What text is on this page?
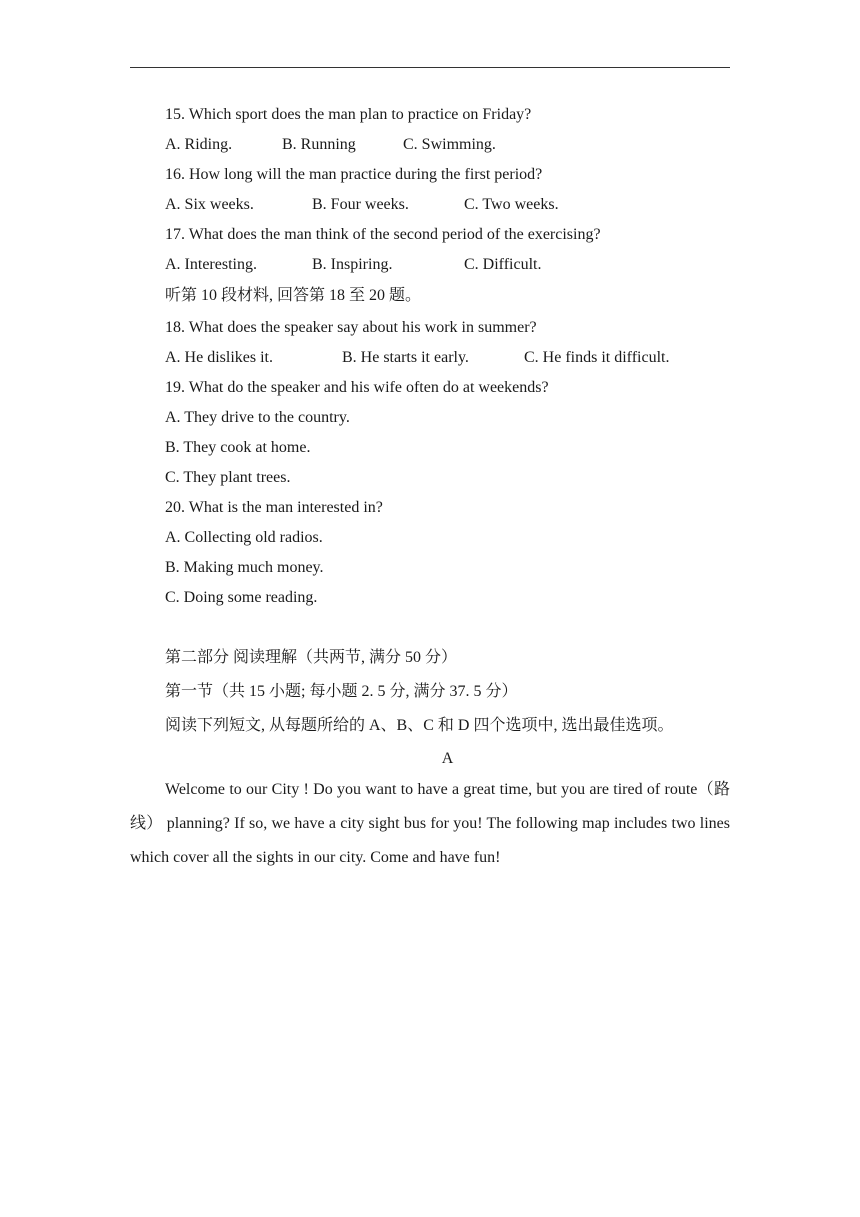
15. Which sport does the man plan to practice on Friday?
A. Riding.	B. Running	C. Swimming.
16. How long will the man practice during the first period?
A. Six weeks.	B. Four weeks.	C. Two weeks.
17. What does the man think of the second period of the exercising?
A. Interesting.	B. Inspiring.	C. Difficult.
听第 10 段材料, 回答第 18 至 20 题。
18. What does the speaker say about his work in summer?
A. He dislikes it.	B. He starts it early.	C. He finds it difficult.
19. What do the speaker and his wife often do at weekends?
A. They drive to the country.
B. They cook at home.
C. They plant trees.
20. What is the man interested in?
A. Collecting old radios.
B. Making much money.
C. Doing some reading.
第二部分 阅读理解（共两节, 满分 50 分）
第一节（共 15 小题; 每小题 2. 5 分, 满分 37. 5 分）
阅读下列短文, 从每题所给的 A、B、C 和 D 四个选项中, 选出最佳选项。
A
Welcome to our City ! Do you want to have a great time, but you are tired of route（路线） planning? If so, we have a city sight bus for you! The following map includes two lines which cover all the sights in our city. Come and have fun!
